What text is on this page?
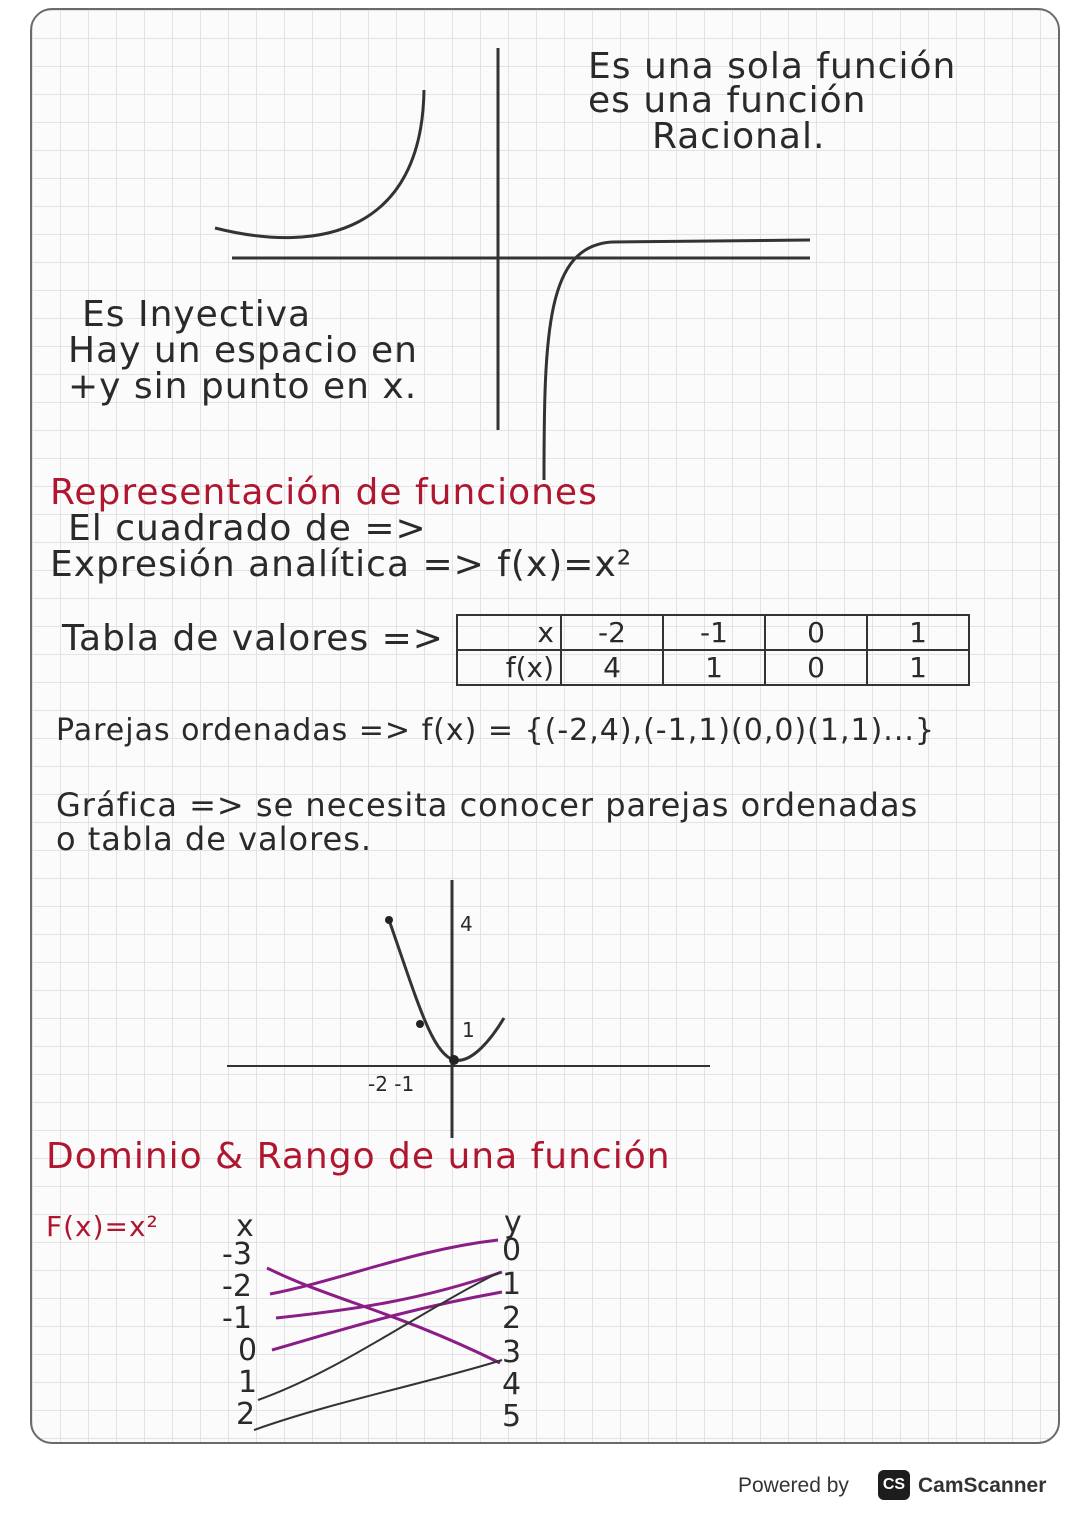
Es una sola función
es una función
Racional.
Es Inyectiva
Hay un espacio en
+y sin punto en x.
Representación de funciones
El cuadrado de =>
Expresión analítica => f(x)=x²
Tabla de valores =>	x	-2	-1	0	1
f(x)	4	1	0	1
Parejas ordenadas => f(x) = {(-2,4),(-1,1)(0,0)(1,1)...}
Gráfica => se necesita conocer parejas ordenadas
o tabla de valores.
4
1
-2 -1
Dominio & Rango de una función
F(x)=x²	x	y
-3
-2
-1
0
1
2
0
1
2
3
4
5
Powered by	CS CamScanner
